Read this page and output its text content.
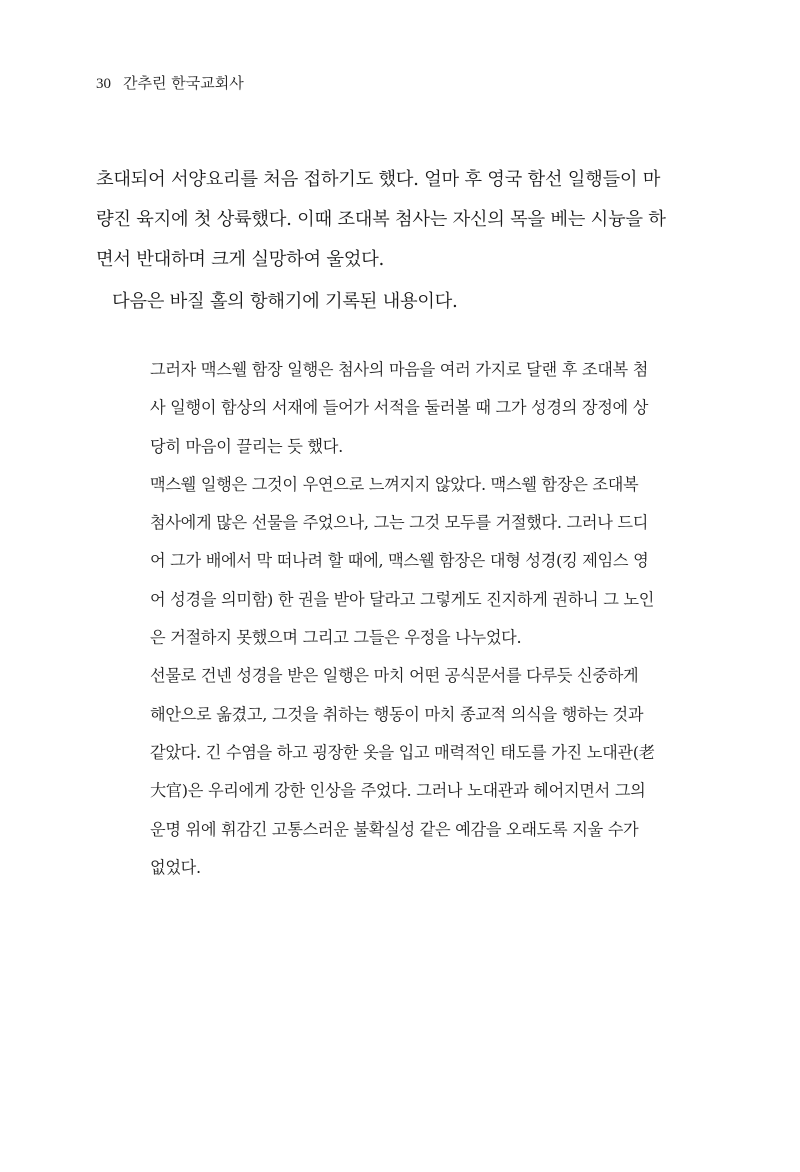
30 간추린 한국교회사
초대되어 서양요리를 처음 접하기도 했다. 얼마 후 영국 함선 일행들이 마
량진 육지에 첫 상륙했다. 이때 조대복 첨사는 자신의 목을 베는 시늉을 하
면서 반대하며 크게 실망하여 울었다.
다음은 바질 홀의 항해기에 기록된 내용이다.
그러자 맥스웰 함장 일행은 첨사의 마음을 여러 가지로 달랜 후 조대복 첨
사 일행이 함상의 서재에 들어가 서적을 둘러볼 때 그가 성경의 장정에 상
당히 마음이 끌리는 듯 했다.
맥스웰 일행은 그것이 우연으로 느껴지지 않았다. 맥스웰 함장은 조대복
첨사에게 많은 선물을 주었으나, 그는 그것 모두를 거절했다. 그러나 드디
어 그가 배에서 막 떠나려 할 때에, 맥스웰 함장은 대형 성경(킹 제임스 영
어 성경을 의미함) 한 권을 받아 달라고 그렇게도 진지하게 권하니 그 노인
은 거절하지 못했으며 그리고 그들은 우정을 나누었다.
선물로 건넨 성경을 받은 일행은 마치 어떤 공식문서를 다루듯 신중하게
해안으로 옮겼고, 그것을 취하는 행동이 마치 종교적 의식을 행하는 것과
같았다. 긴 수염을 하고 굉장한 옷을 입고 매력적인 태도를 가진 노대관(老
大官)은 우리에게 강한 인상을 주었다. 그러나 노대관과 헤어지면서 그의
운명 위에 휘감긴 고통스러운 불확실성 같은 예감을 오래도록 지울 수가
없었다.
